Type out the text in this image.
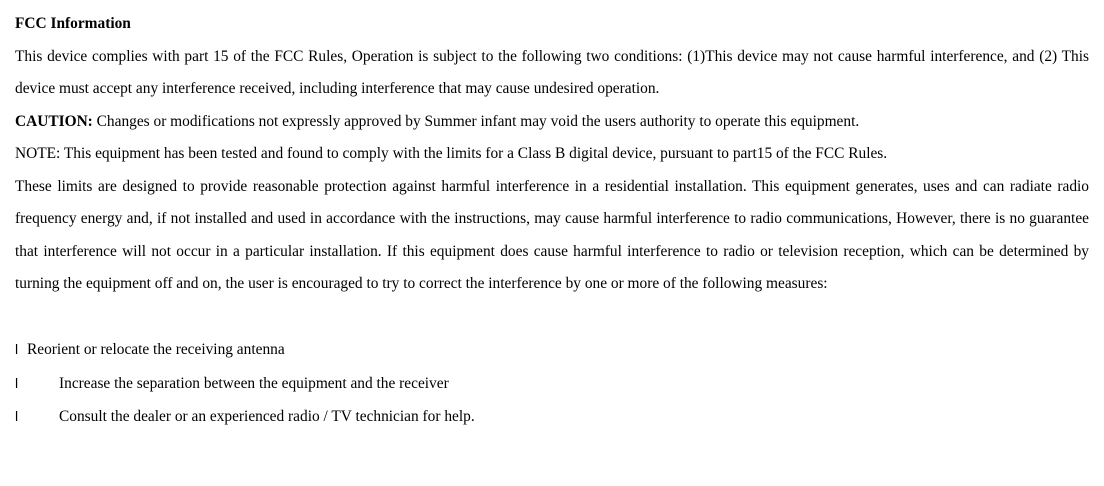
FCC Information
This device complies with part 15 of the FCC Rules, Operation is subject to the following two conditions: (1)This device may not cause harmful interference, and (2) This device must accept any interference received, including interference that may cause undesired operation.
CAUTION: Changes or modifications not expressly approved by Summer infant may void the users authority to operate this equipment.
NOTE: This equipment has been tested and found to comply with the limits for a Class B digital device, pursuant to part15 of the FCC Rules.
These limits are designed to provide reasonable protection against harmful interference in a residential installation. This equipment generates, uses and can radiate radio frequency energy and, if not installed and used in accordance with the instructions, may cause harmful interference to radio communications, However, there is no guarantee that interference will not occur in a particular installation. If this equipment does cause harmful interference to radio or television reception, which can be determined by turning the equipment off and on, the user is encouraged to try to correct the interference by one or more of the following measures:
l Reorient or relocate the receiving antenna
l	Increase the separation between the equipment and the receiver
l	Consult the dealer or an experienced radio / TV technician for help.
